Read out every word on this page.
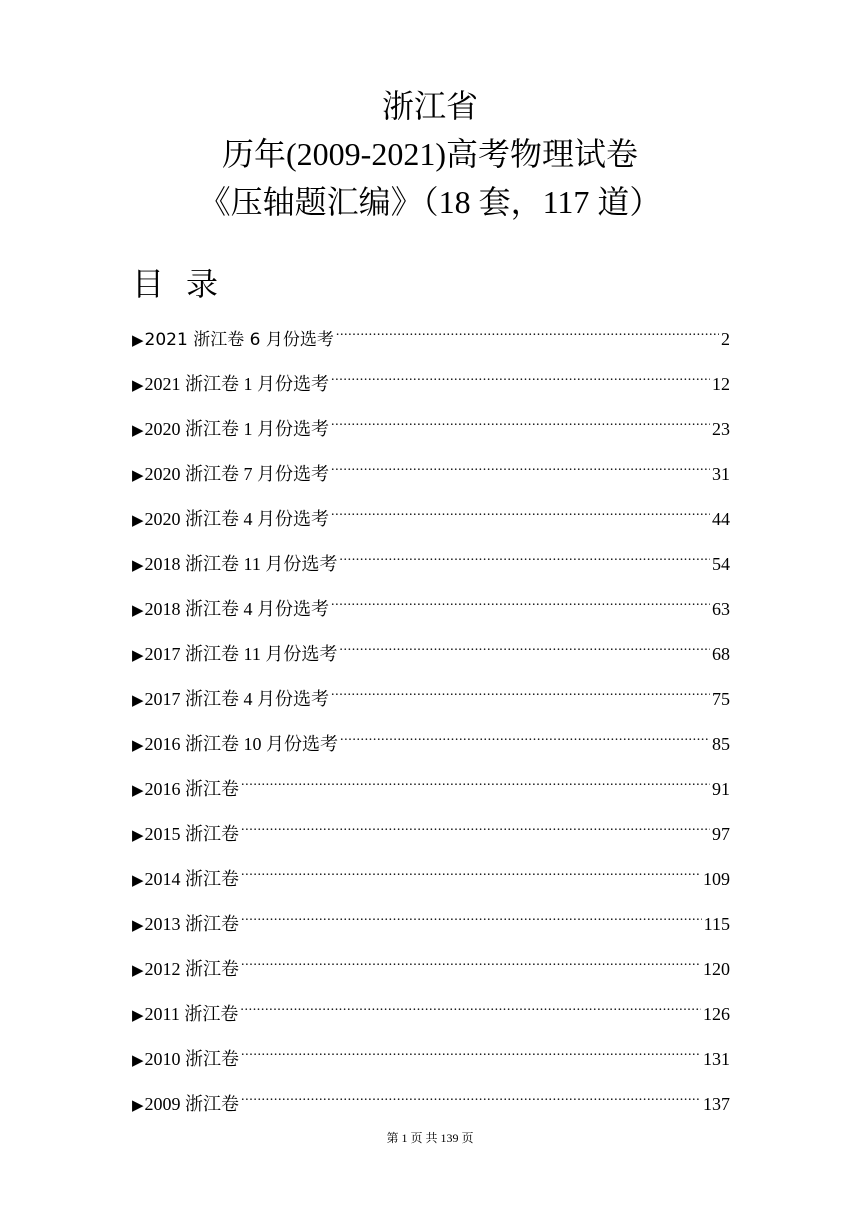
浙江省
历年(2009-2021)高考物理试卷
《压轴题汇编》（18 套，117 道）
目录
▶ 2021 浙江卷 6 月份选考 .....	2
▶ 2021 浙江卷 1 月份选考 .....	12
▶ 2020 浙江卷 1 月份选考 .....	23
▶ 2020 浙江卷 7 月份选考 .....	31
▶ 2020 浙江卷 4 月份选考 .....	44
▶ 2018 浙江卷 11 月份选考 .....	54
▶ 2018 浙江卷 4 月份选考 .....	63
▶ 2017 浙江卷 11 月份选考 .....	68
▶ 2017 浙江卷 4 月份选考 .....	75
▶ 2016 浙江卷 10 月份选考 .....	85
▶ 2016 浙江卷 .....	91
▶ 2015 浙江卷 .....	97
▶ 2014 浙江卷 .....	109
▶ 2013 浙江卷 .....	115
▶ 2012 浙江卷 .....	120
▶ 2011 浙江卷 .....	126
▶ 2010 浙江卷 .....	131
▶ 2009 浙江卷 .....	137
第 1 页 共 139 页
